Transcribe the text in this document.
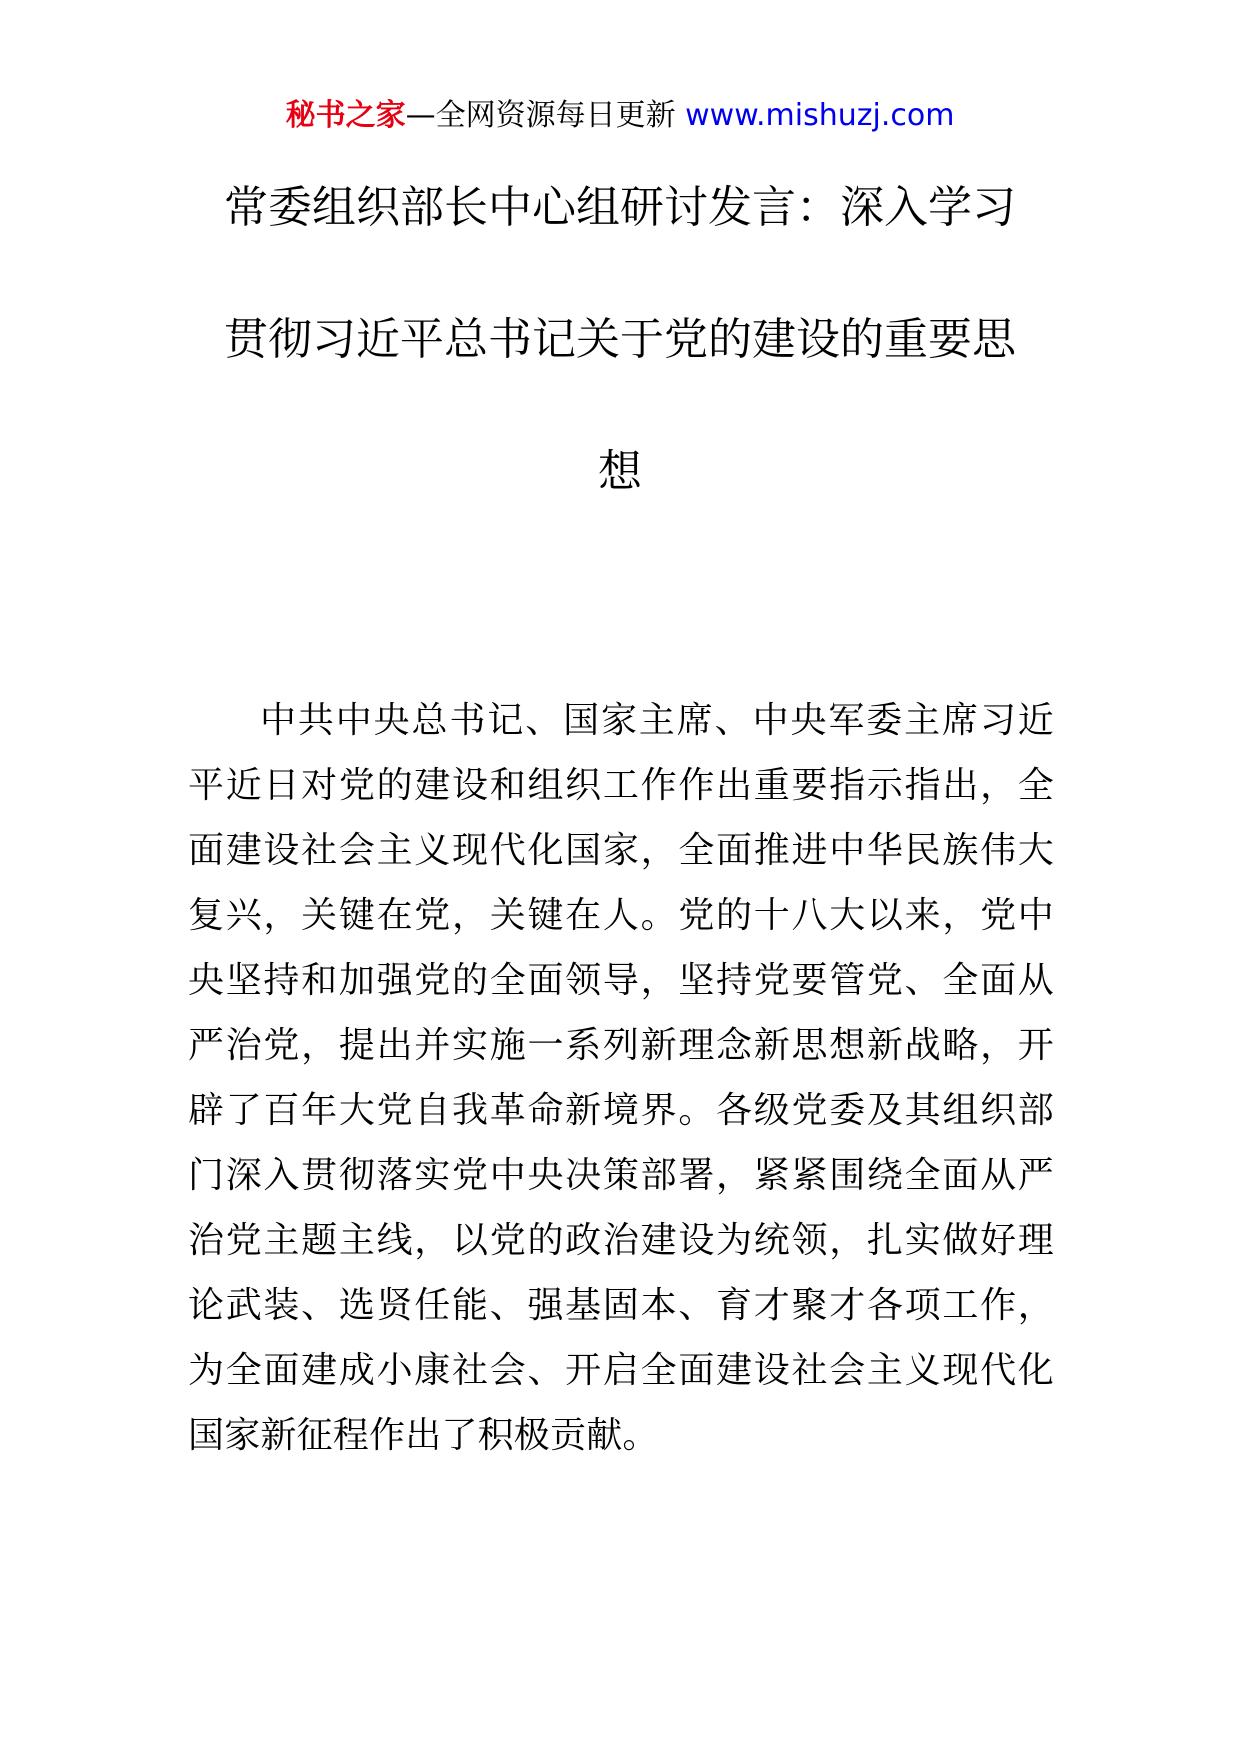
秘书之家—全网资源每日更新 www.mishuzj.com
常委组织部长中心组研讨发言：深入学习
贯彻习近平总书记关于党的建设的重要思
想

中共中央总书记、国家主席、中央军委主席习近平近日对党的建设和组织工作作出重要指示指出，全面建设社会主义现代化国家，全面推进中华民族伟大复兴，关键在党，关键在人。党的十八大以来，党中央坚持和加强党的全面领导，坚持党要管党、全面从严治党，提出并实施一系列新理念新思想新战略，开辟了百年大党自我革命新境界。各级党委及其组织部门深入贯彻落实党中央决策部署，紧紧围绕全面从严治党主题主线，以党的政治建设为统领，扎实做好理论武装、选贤任能、强基固本、育才聚才各项工作，为全面建成小康社会、开启全面建设社会主义现代化国家新征程作出了积极贡献。
